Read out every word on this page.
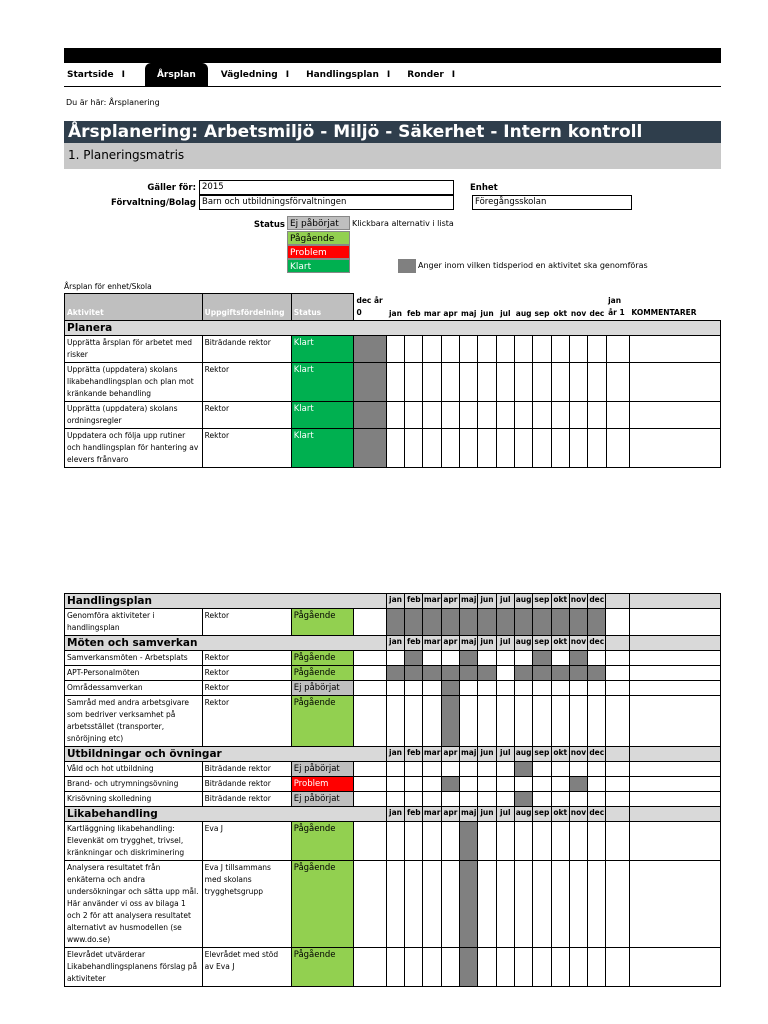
Startside I	Årsplan	Vägledning I	Handlingsplan I	Ronder I
Du är här: Årsplanering
Årsplanering: Arbetsmiljö - Miljö - Säkerhet - Intern kontroll
1. Planeringsmatris
Gäller för: 2015
Förvaltning/Bolag Barn och utbildningsförvaltningen
Enhet
Föregångsskolan
Status Ej påbörjat
Pågående
Problem
Klart
Klickbara alternativ i lista
Anger inom vilken tidsperiod en aktivitet ska genomföras
Årsplan för enhet/Skola
Aktivitet	Uppgiftsfördelning	Status	dec år 0	jan	feb	mar	apr	maj	jun	jul	aug	sep	okt	nov	dec	jan år 1	KOMMENTARER
Planera																	
Upprätta årsplan för arbetet med risker	Biträdande rektor	Klart															
Upprätta (uppdatera) skolans likabehandlingsplan och plan mot kränkande behandling	Rektor	Klart															
Upprätta (uppdatera) skolans ordningsregler	Rektor	Klart															
Uppdatera och följa upp rutiner och handlingsplan för hantering av elevers frånvaro	Rektor	Klart															
Handlingsplan				jan	feb	mar	apr	maj	jun	jul	aug	sep	okt	nov	dec		
Genomföra aktiviteter i handlingsplan	Rektor	Pågående															
Möten och samverkan				jan	feb	mar	apr	maj	jun	jul	aug	sep	okt	nov	dec		
Samverkansmöten - Arbetsplats	Rektor	Pågående															
APT-Personalmöten	Rektor	Pågående															
Områdessamverkan	Rektor	Ej påbörjat															
Samråd med andra arbetsgivare som bedriver verksamhet på arbetsstället (transporter, snöröjning etc)	Rektor	Pågående															
Utbildningar och övningar				jan	feb	mar	apr	maj	jun	jul	aug	sep	okt	nov	dec		
Våld och hot utbildning	Biträdande rektor	Ej påbörjat															
Brand- och utrymningsövning	Biträdande rektor	Problem															
Krisövning skolledning	Biträdande rektor	Ej påbörjat															
Likabehandling				jan	feb	mar	apr	maj	jun	jul	aug	sep	okt	nov	dec		
Kartläggning likabehandling: Elevenkät om trygghet, trivsel, kränkningar och diskriminering	Eva J	Pågående															
Analysera resultatet från enkäterna och andra undersökningar och sätta upp mål. Här använder vi oss av bilaga 1 och 2 för att analysera resultatet alternativt av husmodellen (se www.do.se)	Eva J tillsammans med skolans trygghetsgrupp	Pågående															
Elevrådet utvärderar Likabehandlingsplanens förslag på aktiviteter	Elevrådet med stöd av Eva J	Pågående															
